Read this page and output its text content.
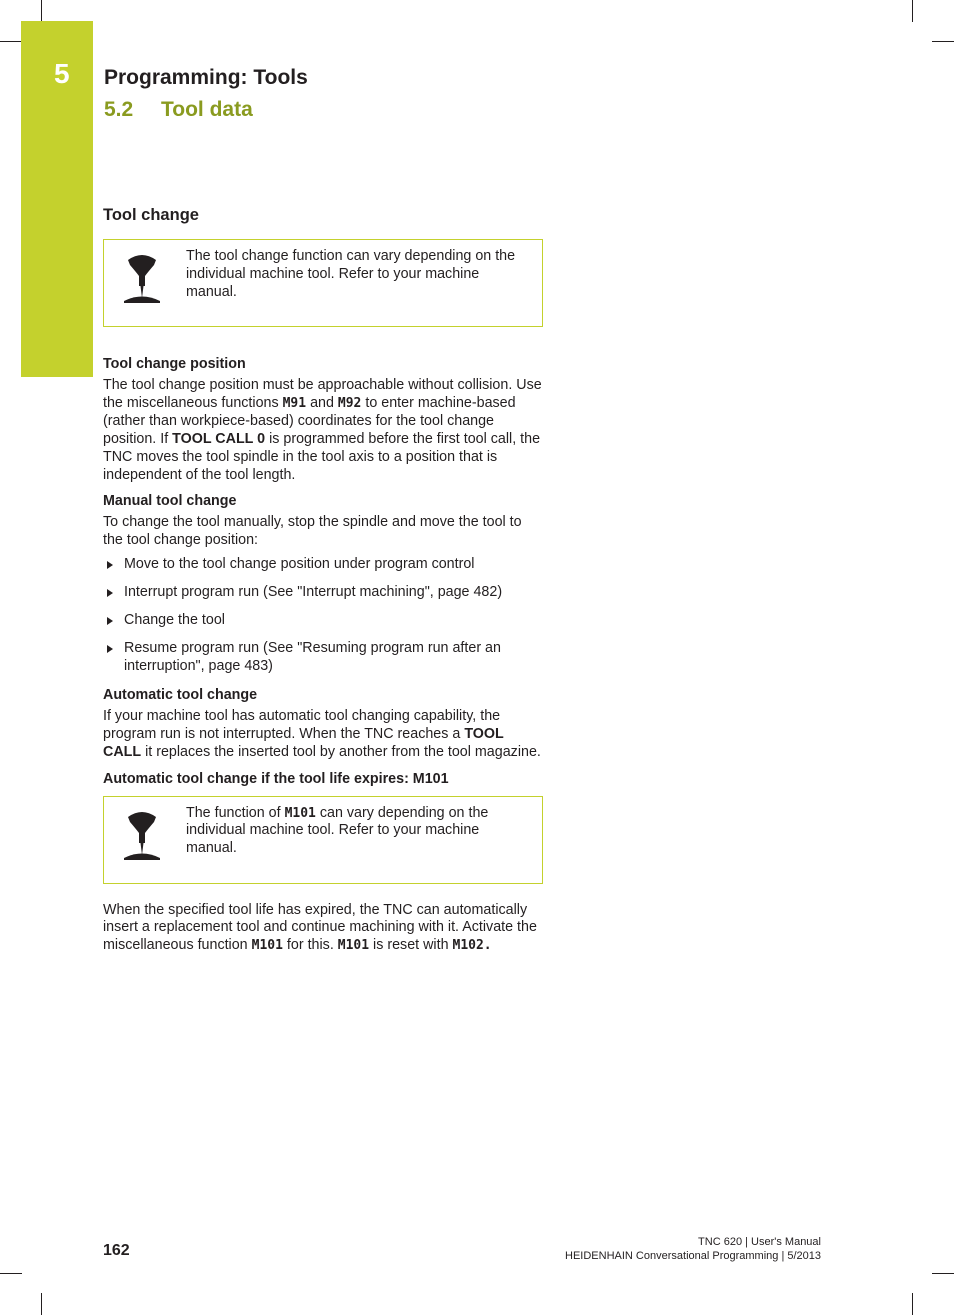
5	Programming: Tools
5.2 Tool data
Tool change
The tool change function can vary depending on the individual machine tool. Refer to your machine manual.
Tool change position

The tool change position must be approachable without collision. Use the miscellaneous functions M91 and M92 to enter machine-based (rather than workpiece-based) coordinates for the tool change position. If TOOL CALL 0 is programmed before the first tool call, the TNC moves the tool spindle in the tool axis to a position that is independent of the tool length.

Manual tool change

To change the tool manually, stop the spindle and move the tool to the tool change position:

Move to the tool change position under program control
Interrupt program run (See "Interrupt machining", page 482)
Change the tool
Resume program run (See "Resuming program run after an interruption", page 483)
Automatic tool change

If your machine tool has automatic tool changing capability, the program run is not interrupted. When the TNC reaches a TOOL CALL it replaces the inserted tool by another from the tool magazine.

Automatic tool change if the tool life expires: M101
The function of M101 can vary depending on the individual machine tool. Refer to your machine manual.

When the specified tool life has expired, the TNC can automatically insert a replacement tool and continue machining with it. Activate the miscellaneous function M101 for this. M101 is reset with M102.

162	TNC 620 | User's Manual
HEIDENHAIN Conversational Programming | 5/2013
